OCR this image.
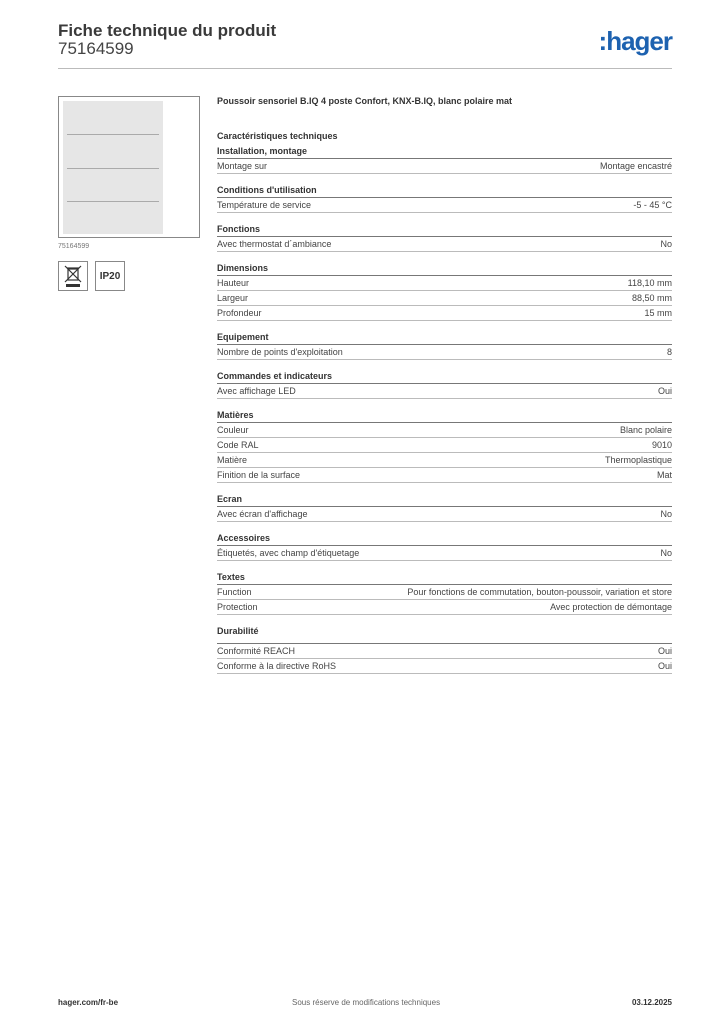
Fiche technique du produit
75164599	:hager
75164599
IP20
Poussoir sensoriel B.IQ 4 poste Confort, KNX-B.IQ, blanc polaire mat
Caractéristiques techniques
Installation, montage
Montage sur	Montage encastré
Conditions d'utilisation
Température de service	-5 - 45 °C
Fonctions
Avec thermostat d´ambiance	No
Dimensions
Hauteur	118,10 mm
Largeur	88,50 mm
Profondeur	15 mm
Equipement
Nombre de points d'exploitation	8
Commandes et indicateurs
Avec affichage LED	Oui
Matières
Couleur	Blanc polaire
Code RAL	9010
Matière	Thermoplastique
Finition de la surface	Mat
Ecran
Avec écran d'affichage	No
Accessoires
Étiquetés, avec champ d'étiquetage	No
Textes
Function	Pour fonctions de commutation, bouton-poussoir, variation et store
Protection	Avec protection de démontage
Durabilité
Conformité REACH	Oui
Conforme à la directive RoHS	Oui
hager.com/fr-be	Sous réserve de modifications techniques	03.12.2025
